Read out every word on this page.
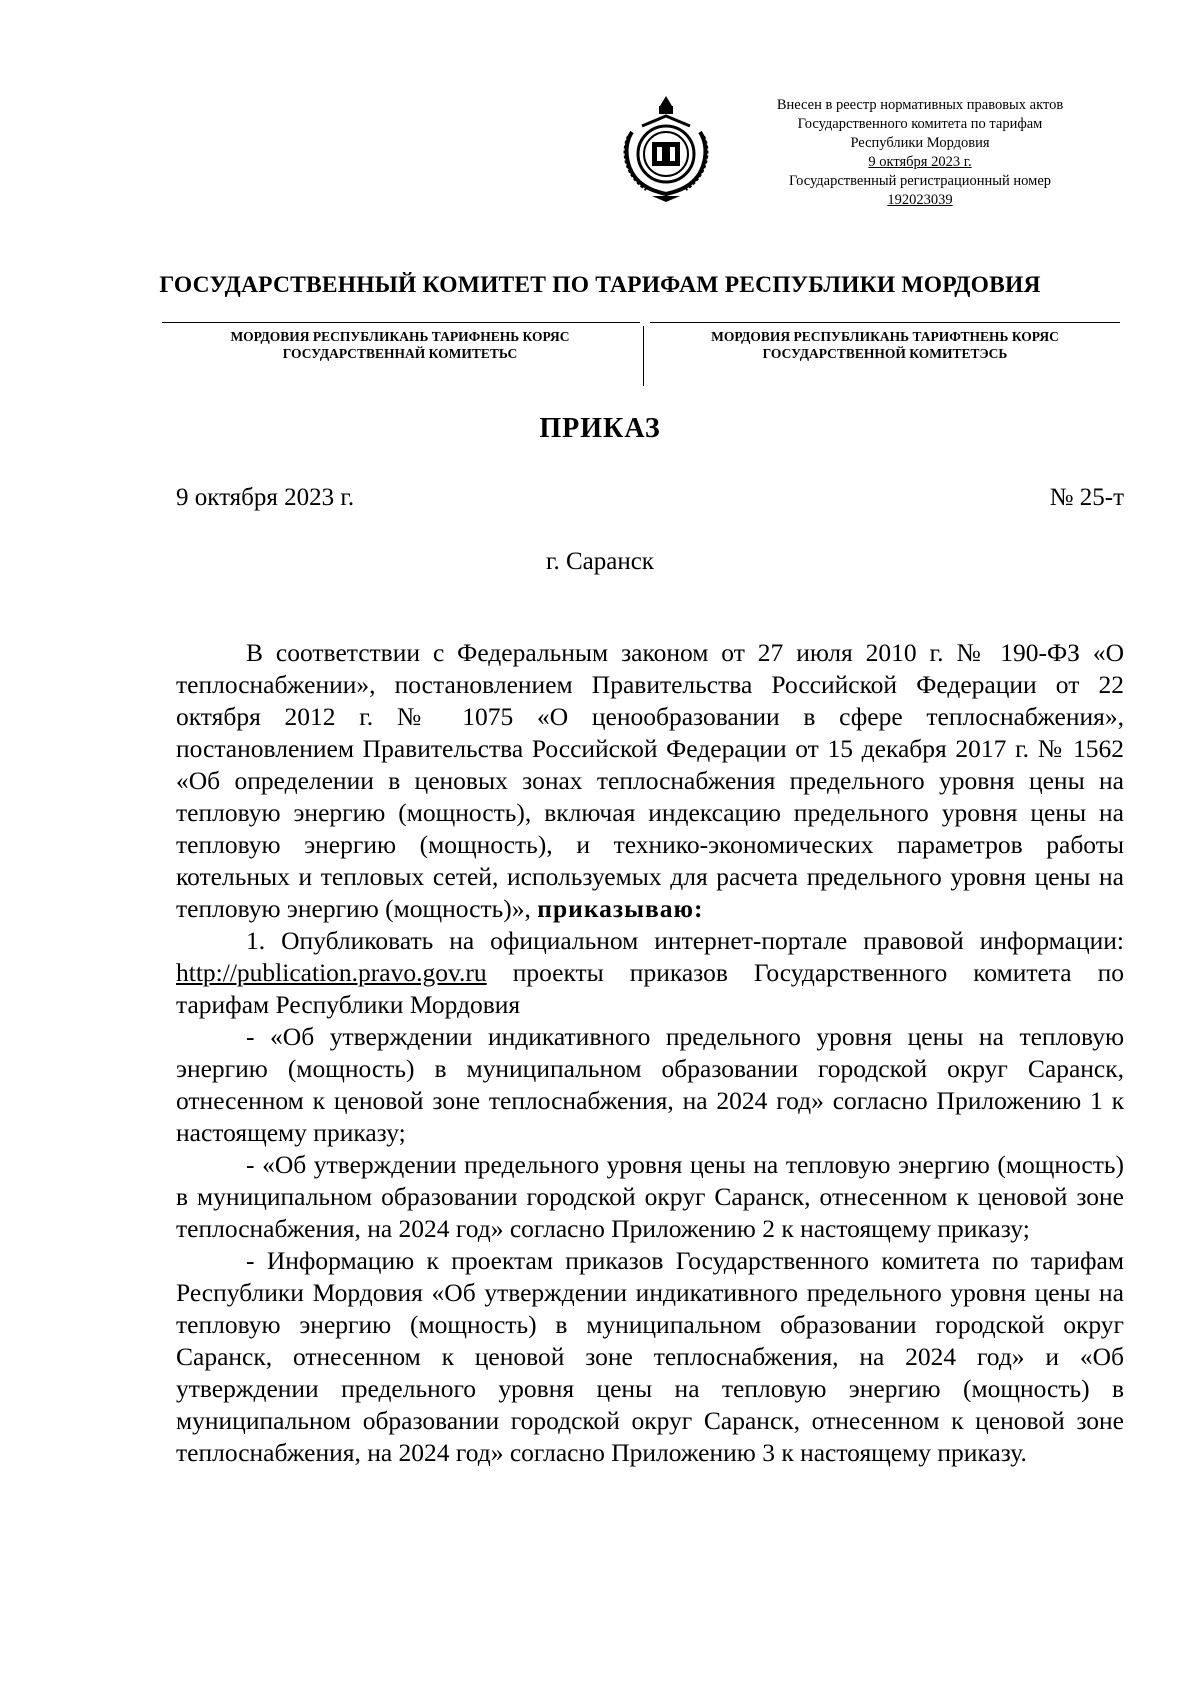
Внесен в реестр нормативных правовых актов
Государственного комитета по тарифам
Республики Мордовия
9 октября 2023 г.
Государственный регистрационный номер
192023039
ГОСУДАРСТВЕННЫЙ КОМИТЕТ ПО ТАРИФАМ РЕСПУБЛИКИ МОРДОВИЯ
МОРДОВИЯ РЕСПУБЛИКАНЬ ТАРИФНЕНЬ КОРЯС
ГОСУДАРСТВЕННАЙ КОМИТЕТЬС
МОРДОВИЯ РЕСПУБЛИКАНЬ ТАРИФТНЕНЬ КОРЯС
ГОСУДАРСТВЕННОЙ КОМИТЕТЭСЬ
ПРИКАЗ
9 октября 2023 г.	№ 25-т
г. Саранск

В соответствии с Федеральным законом от 27 июля 2010 г. № 190-ФЗ «О теплоснабжении», постановлением Правительства Российской Федерации от 22 октября 2012 г. № 1075 «О ценообразовании в сфере теплоснабжения», постановлением Правительства Российской Федерации от 15 декабря 2017 г. № 1562 «Об определении в ценовых зонах теплоснабжения предельного уровня цены на тепловую энергию (мощность), включая индексацию предельного уровня цены на тепловую энергию (мощность), и технико-экономических параметров работы котельных и тепловых сетей, используемых для расчета предельного уровня цены на тепловую энергию (мощность)», приказываю:

1. Опубликовать на официальном интернет-портале правовой информации: http://publication.pravo.gov.ru проекты приказов Государственного комитета по тарифам Республики Мордовия

- «Об утверждении индикативного предельного уровня цены на тепловую энергию (мощность) в муниципальном образовании городской округ Саранск, отнесенном к ценовой зоне теплоснабжения, на 2024 год» согласно Приложению 1 к настоящему приказу;

- «Об утверждении предельного уровня цены на тепловую энергию (мощность) в муниципальном образовании городской округ Саранск, отнесенном к ценовой зоне теплоснабжения, на 2024 год» согласно Приложению 2 к настоящему приказу;

- Информацию к проектам приказов Государственного комитета по тарифам Республики Мордовия «Об утверждении индикативного предельного уровня цены на тепловую энергию (мощность) в муниципальном образовании городской округ Саранск, отнесенном к ценовой зоне теплоснабжения, на 2024 год» и «Об утверждении предельного уровня цены на тепловую энергию (мощность) в муниципальном образовании городской округ Саранск, отнесенном к ценовой зоне теплоснабжения, на 2024 год» согласно Приложению 3 к настоящему приказу.
